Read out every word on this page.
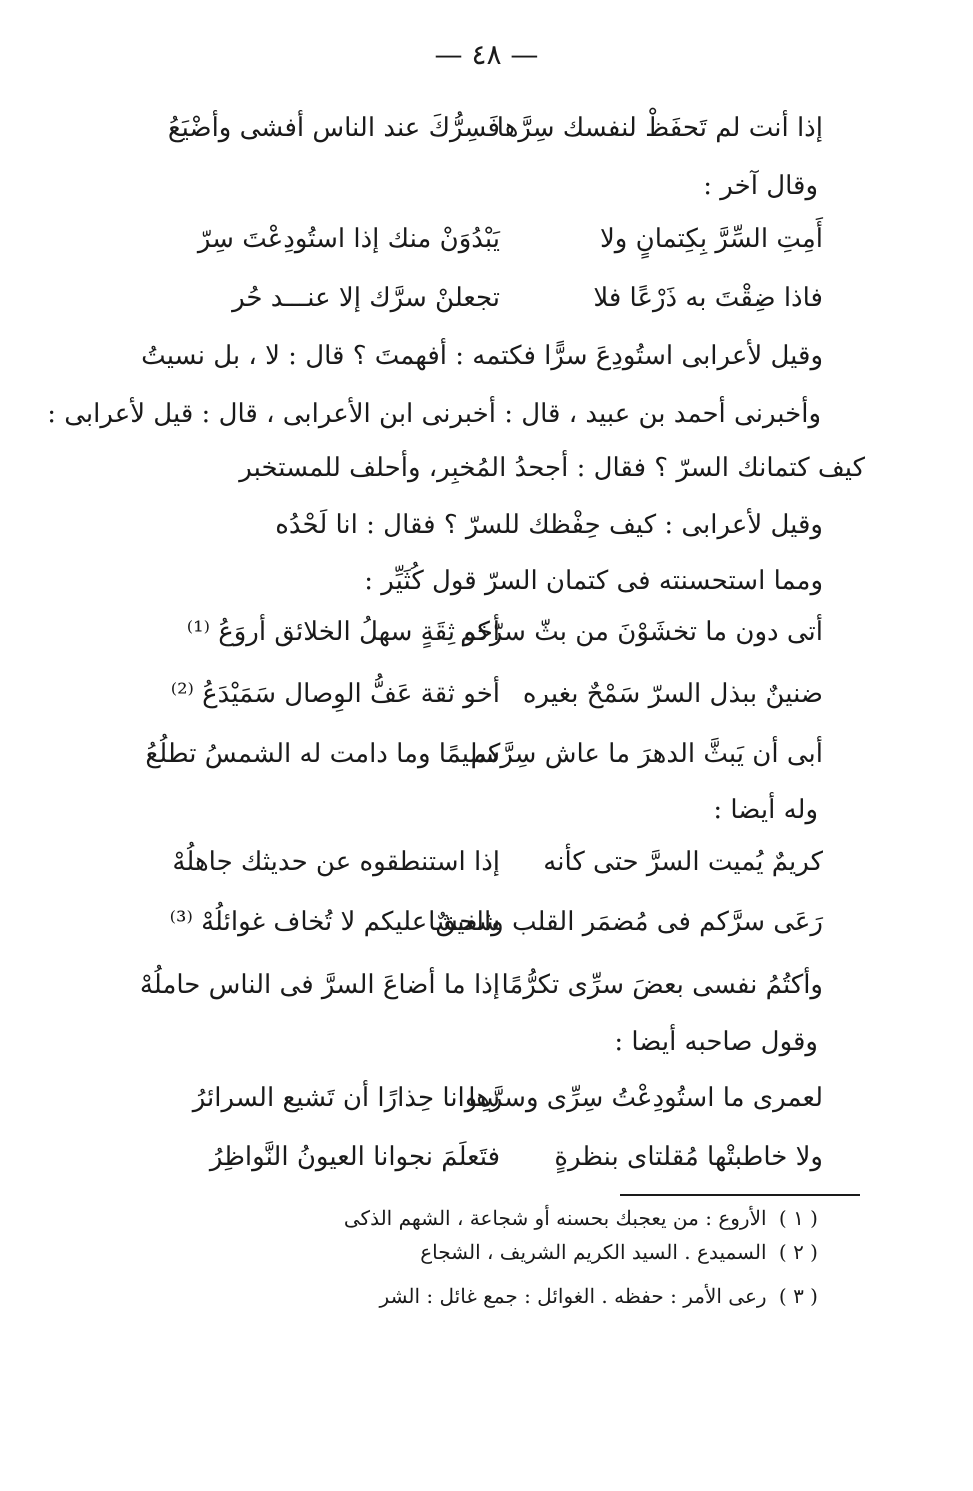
— ٤٨ —
إذا أنت لم تَحفَظْ لنفسك سِرَّها
فَسِرُّكَ عند الناس أفشى وأضْيَعُ
وقال آخر :
أَمِتِ السِّرَّ بِكِتمانٍ ولا
يَبْدُوَنْ منك إذا استُودِعْتَ سِرّ
فاذا ضِقْتَ به ذَرْعًا فلا
تجعلنْ سرَّك إلا عنـــد حُر
وقيل لأعرابى استُودِعَ سرًّا فكتمه : أفهمتَ ؟ قال : لا ، بل نسيتُ
وأخبرنى أحمد بن عبيد ، قال : أخبرنى ابن الأعرابى ، قال : قيل لأعرابى :
كيف كتمانك السرّ ؟ فقال : أجحدُ المُخبِر، وأحلف للمستخبر
وقيل لأعرابى : كيف حِفْظك للسرّ ؟ فقال : انا لَحْدُه
ومما استحسنته فى كتمان السرّ قول كُثَيِّر :
أتى دون ما تخشَوْنَ من بثّ سرّكم
أخو ثِقَةٍ سهلُ الخلائق أروَعُ ⁽¹⁾
ضنينٌ ببذل السرّ سَمْحٌ بغيره
أخو ثقة عَفُّ الوِصال سَمَيْدَعُ ⁽²⁾
أبى أن يَبثَّ الدهرَ ما عاش سِرَّكم
سليمًا وما دامت له الشمسُ تطلُعُ
وله أيضا :
كريمٌ يُميت السرَّ حتى كأنه
إذا استنطقوه عن حديثك جاهلُهْ
رَعَى سرَّكم فى مُضمَر القلب والحشا
شفيقٌ عليكم لا تُخاف غوائلُهْ ⁽³⁾
وأكتُمُ نفسى بعضَ سرِّى تكرُّمًا
إذا ما أضاعَ السرَّ فى الناس حاملُهْ
وقول صاحبه أيضا :
لعمرى ما استُودِعْتُ سِرِّى وسرَّها
سِوانا حِذارًا أن تَشيع السرائرُ
ولا خاطبتْها مُقلتاى بنظرةٍ
فتَعلَمَ نجوانا العيونُ النَّواظِرُ
( ١ ) الأروع : من يعجبك بحسنه أو شجاعة ، الشهم الذكى
( ٢ ) السميدع . السيد الكريم الشريف ، الشجاع
( ٣ ) رعى الأمر : حفظه . الغوائل : جمع غائل : الشر
